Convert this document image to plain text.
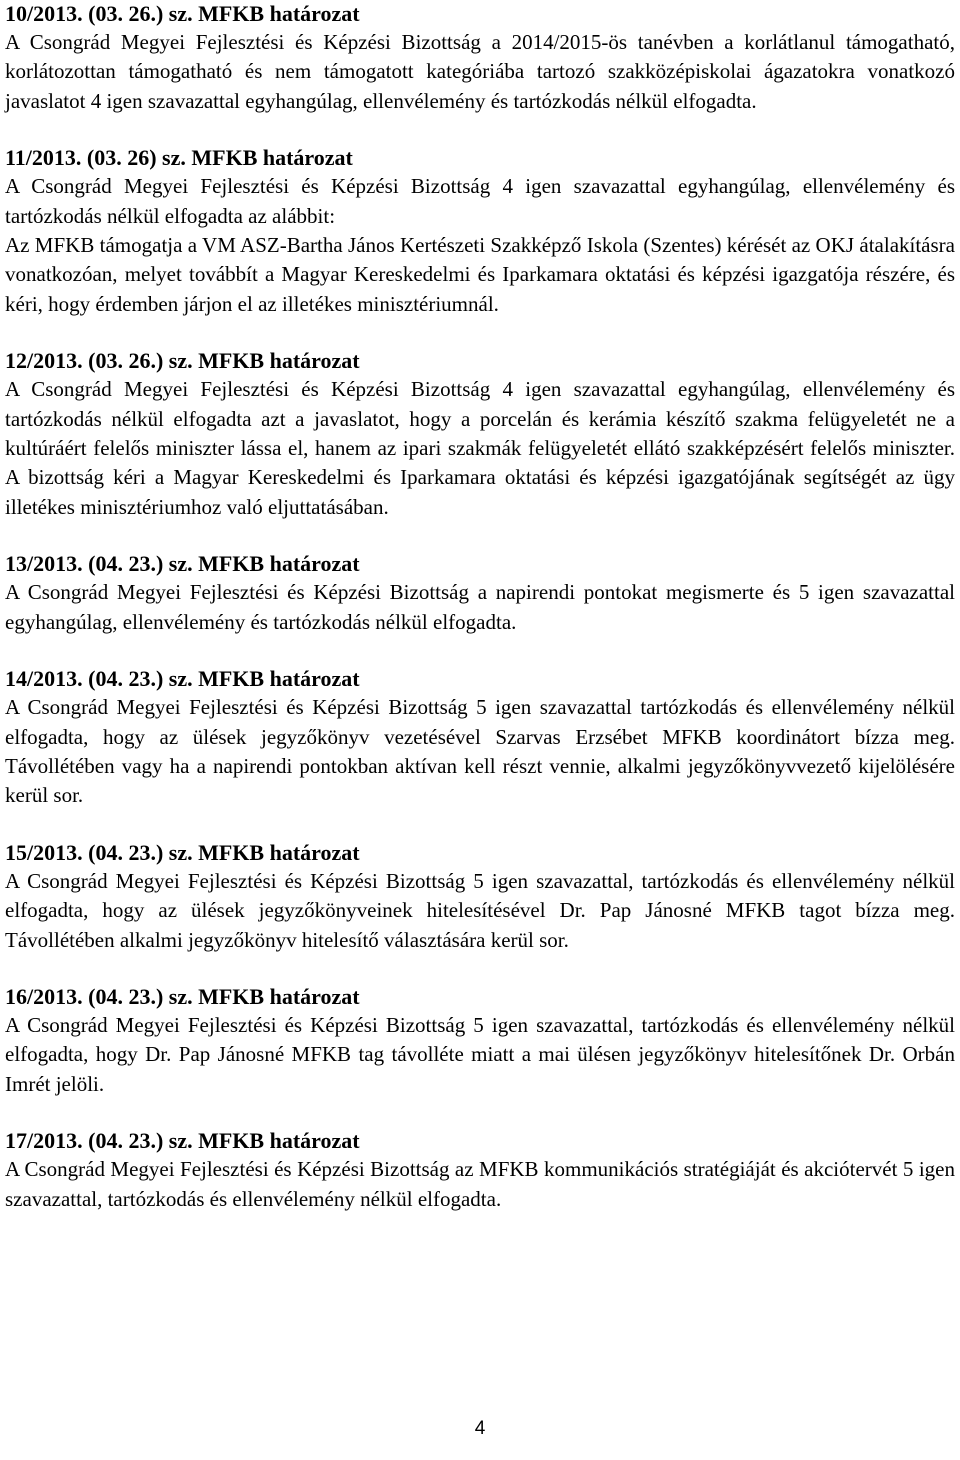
10/2013. (03. 26.) sz. MFKB határozat

A Csongrád Megyei Fejlesztési és Képzési Bizottság a 2014/2015-ös tanévben a korlátlanul támogatható, korlátozottan támogatható és nem támogatott kategóriába tartozó szakközépiskolai ágazatokra vonatkozó javaslatot 4 igen szavazattal egyhangúlag, ellenvélemény és tartózkodás nélkül elfogadta.

11/2013. (03. 26) sz. MFKB határozat

A Csongrád Megyei Fejlesztési és Képzési Bizottság 4 igen szavazattal egyhangúlag, ellenvélemény és tartózkodás nélkül elfogadta az alábbit:

Az MFKB támogatja a VM ASZ-Bartha János Kertészeti Szakképző Iskola (Szentes) kérését az OKJ átalakításra vonatkozóan, melyet továbbít a Magyar Kereskedelmi és Iparkamara oktatási és képzési igazgatója részére, és kéri, hogy érdemben járjon el az illetékes minisztériumnál.

12/2013. (03. 26.) sz. MFKB határozat

A Csongrád Megyei Fejlesztési és Képzési Bizottság 4 igen szavazattal egyhangúlag, ellenvélemény és tartózkodás nélkül elfogadta azt a javaslatot, hogy a porcelán és kerámia készítő szakma felügyeletét ne a kultúráért felelős miniszter lássa el, hanem az ipari szakmák felügyeletét ellátó szakképzésért felelős miniszter. A bizottság kéri a Magyar Kereskedelmi és Iparkamara oktatási és képzési igazgatójának segítségét az ügy illetékes minisztériumhoz való eljuttatásában.

13/2013. (04. 23.) sz. MFKB határozat

A Csongrád Megyei Fejlesztési és Képzési Bizottság a napirendi pontokat megismerte és 5 igen szavazattal egyhangúlag, ellenvélemény és tartózkodás nélkül elfogadta.

14/2013. (04. 23.) sz. MFKB határozat

A Csongrád Megyei Fejlesztési és Képzési Bizottság 5 igen szavazattal tartózkodás és ellenvélemény nélkül elfogadta, hogy az ülések jegyzőkönyv vezetésével Szarvas Erzsébet MFKB koordinátort bízza meg. Távollétében vagy ha a napirendi pontokban aktívan kell részt vennie, alkalmi jegyzőkönyvvezető kijelölésére kerül sor.

15/2013. (04. 23.) sz. MFKB határozat

A Csongrád Megyei Fejlesztési és Képzési Bizottság 5 igen szavazattal, tartózkodás és ellenvélemény nélkül elfogadta, hogy az ülések jegyzőkönyveinek hitelesítésével Dr. Pap Jánosné MFKB tagot bízza meg. Távollétében alkalmi jegyzőkönyv hitelesítő választására kerül sor.

16/2013. (04. 23.) sz. MFKB határozat

A Csongrád Megyei Fejlesztési és Képzési Bizottság 5 igen szavazattal, tartózkodás és ellenvélemény nélkül elfogadta, hogy Dr. Pap Jánosné MFKB tag távolléte miatt a mai ülésen jegyzőkönyv hitelesítőnek Dr. Orbán Imrét jelöli.

17/2013. (04. 23.) sz. MFKB határozat

A Csongrád Megyei Fejlesztési és Képzési Bizottság az MFKB kommunikációs stratégiáját és akciótervét 5 igen szavazattal, tartózkodás és ellenvélemény nélkül elfogadta.

4
